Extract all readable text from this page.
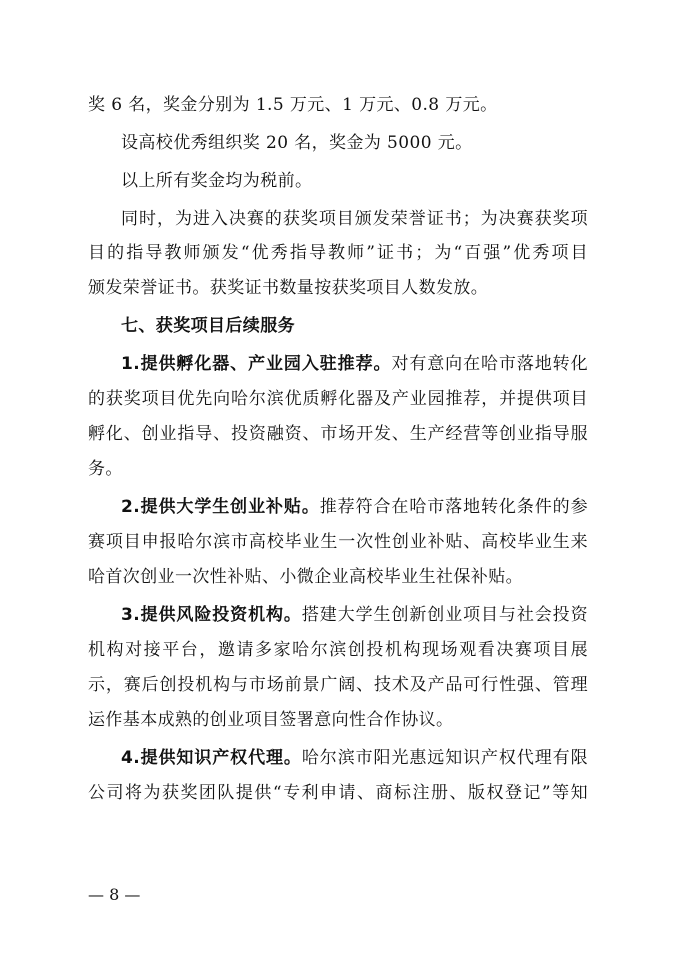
奖 6 名，奖金分别为 1.5 万元、1 万元、0.8 万元。
设高校优秀组织奖 20 名，奖金为 5000 元。
以上所有奖金均为税前。
同时，为进入决赛的获奖项目颁发荣誉证书；为决赛获奖项
目的指导教师颁发“优秀指导教师”证书；为“百强”优秀项目
颁发荣誉证书。获奖证书数量按获奖项目人数发放。
七、获奖项目后续服务
1.提供孵化器、产业园入驻推荐。对有意向在哈市落地转化
的获奖项目优先向哈尔滨优质孵化器及产业园推荐，并提供项目
孵化、创业指导、投资融资、市场开发、生产经营等创业指导服
务。
2.提供大学生创业补贴。推荐符合在哈市落地转化条件的参
赛项目申报哈尔滨市高校毕业生一次性创业补贴、高校毕业生来
哈首次创业一次性补贴、小微企业高校毕业生社保补贴。
3.提供风险投资机构。搭建大学生创新创业项目与社会投资
机构对接平台，邀请多家哈尔滨创投机构现场观看决赛项目展
示，赛后创投机构与市场前景广阔、技术及产品可行性强、管理
运作基本成熟的创业项目签署意向性合作协议。
4.提供知识产权代理。哈尔滨市阳光惠远知识产权代理有限
公司将为获奖团队提供“专利申请、商标注册、版权登记”等知
— 8 —
